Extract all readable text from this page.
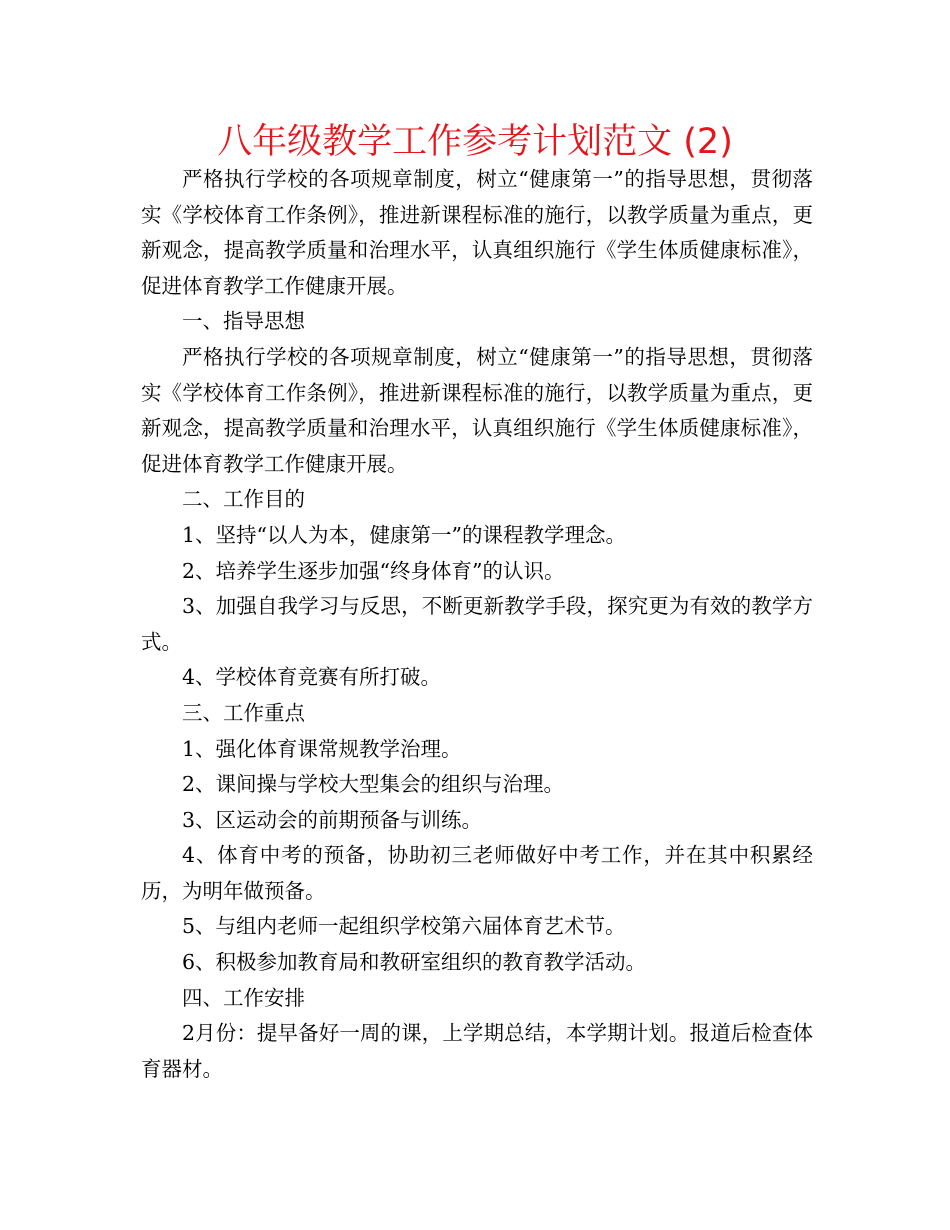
八年级教学工作参考计划范文 (2)

严格执行学校的各项规章制度，树立“健康第一”的指导思想，贯彻落实《学校体育工作条例》，推进新课程标准的施行，以教学质量为重点，更新观念，提高教学质量和治理水平，认真组织施行《学生体质健康标准》，促进体育教学工作健康开展。

一、指导思想

严格执行学校的各项规章制度，树立“健康第一”的指导思想，贯彻落实《学校体育工作条例》，推进新课程标准的施行，以教学质量为重点，更新观念，提高教学质量和治理水平，认真组织施行《学生体质健康标准》，促进体育教学工作健康开展。

二、工作目的

1、坚持“以人为本，健康第一”的课程教学理念。

2、培养学生逐步加强“终身体育”的认识。

3、加强自我学习与反思，不断更新教学手段，探究更为有效的教学方式。

4、学校体育竞赛有所打破。

三、工作重点

1、强化体育课常规教学治理。

2、课间操与学校大型集会的组织与治理。

3、区运动会的前期预备与训练。

4、体育中考的预备，协助初三老师做好中考工作，并在其中积累经历，为明年做预备。

5、与组内老师一起组织学校第六届体育艺术节。

6、积极参加教育局和教研室组织的教育教学活动。

四、工作安排

2月份：提早备好一周的课，上学期总结，本学期计划。报道后检查体育器材。
